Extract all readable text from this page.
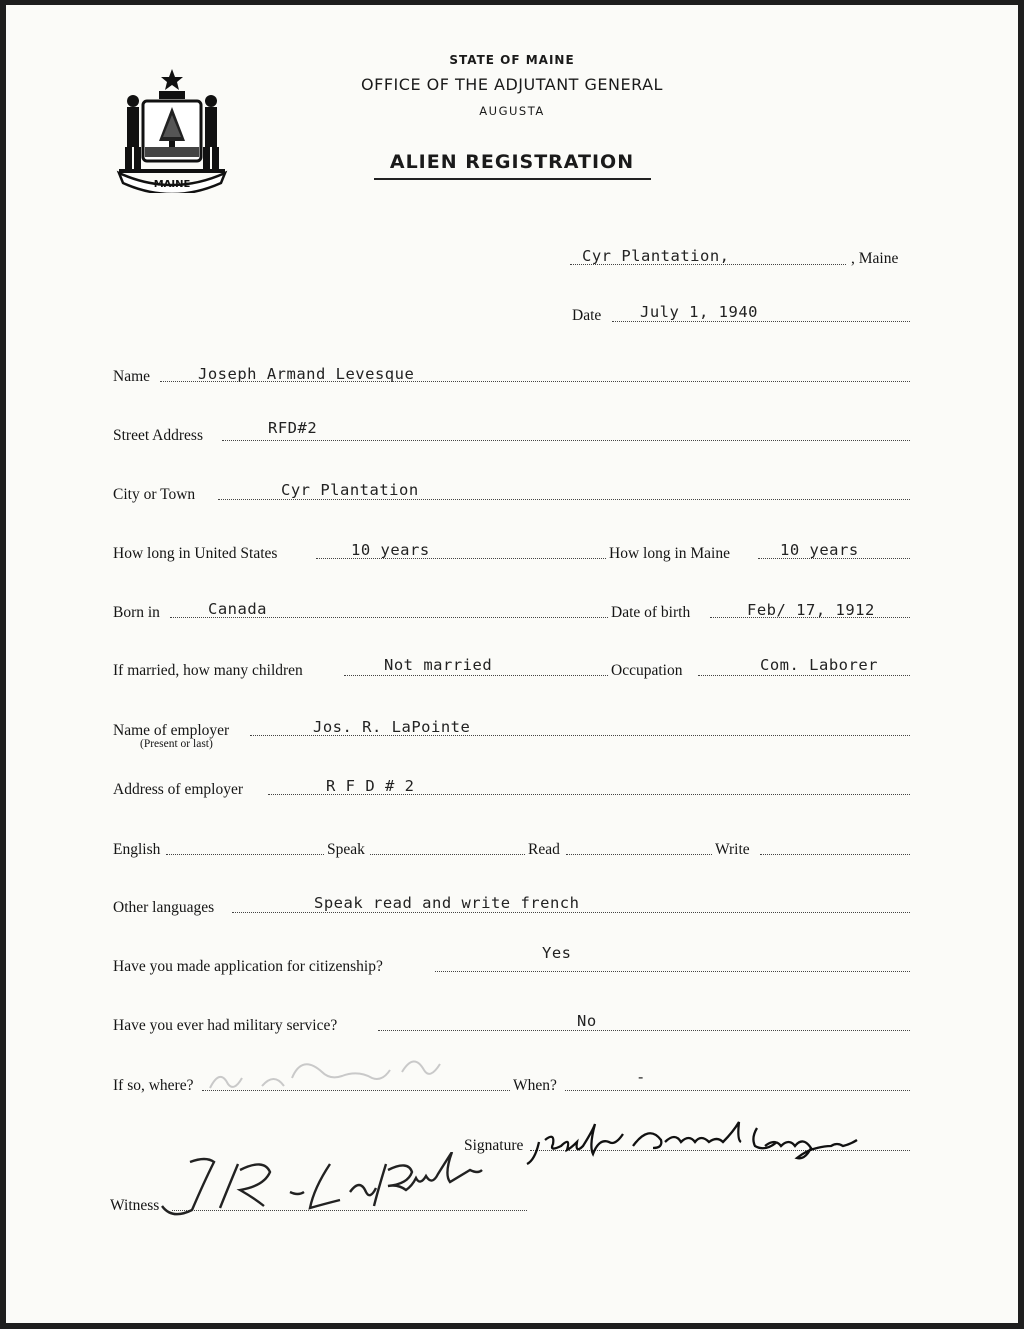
MAINE
STATE OF MAINE
OFFICE OF THE ADJUTANT GENERAL
AUGUSTA
ALIEN REGISTRATION
Cyr Plantation,	, Maine
Date July 1, 1940
Name	Joseph Armand Levesque
Street Address	RFD#2
City or Town	Cyr Plantation
How long in United States	10 years	How long in Maine	10 years
Born in	Canada	Date of birth	Feb/ 17, 1912
If married, how many children	Not married	Occupation	Com. Laborer
Name of employer
(Present or last)
Jos. R. LaPointe
Address of employer	R F D # 2
English	Speak	Read	Write
Other languages	Speak read and write french
Have you made application for citizenship?
Yes
Have you ever had military service?	No
If so, where?	When?	-
Signature
Witness
